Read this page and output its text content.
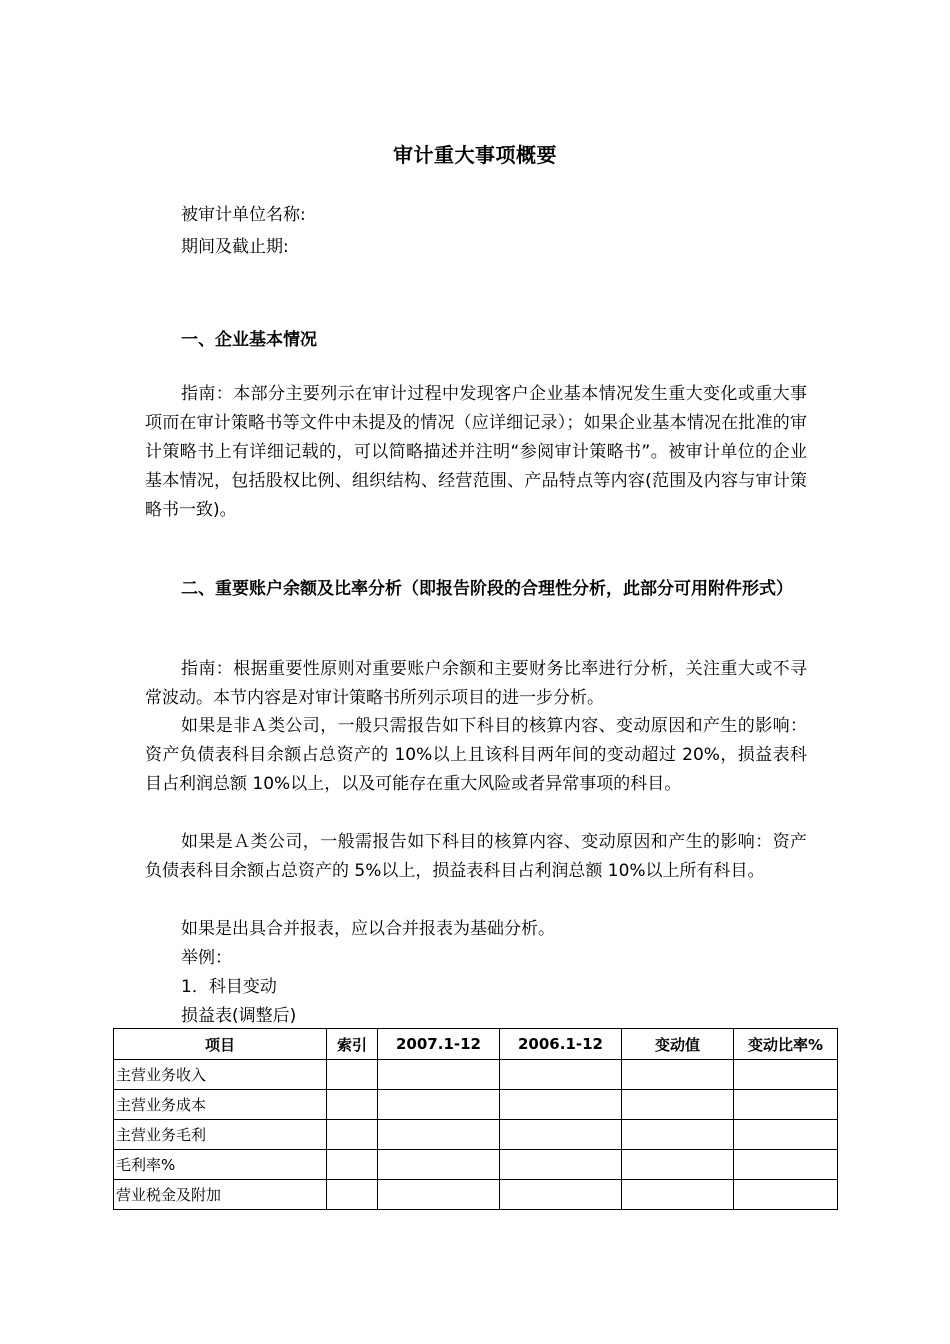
审计重大事项概要
被审计单位名称:
期间及截止期:
一、企业基本情况

指南：本部分主要列示在审计过程中发现客户企业基本情况发生重大变化或重大事项而在审计策略书等文件中未提及的情况（应详细记录）；如果企业基本情况在批准的审计策略书上有详细记载的，可以简略描述并注明“参阅审计策略书”。被审计单位的企业基本情况，包括股权比例、组织结构、经营范围、产品特点等内容(范围及内容与审计策略书一致)。

二、重要账户余额及比率分析（即报告阶段的合理性分析，此部分可用附件形式）

指南：根据重要性原则对重要账户余额和主要财务比率进行分析，关注重大或不寻常波动。本节内容是对审计策略书所列示项目的进一步分析。

如果是非Ａ类公司，一般只需报告如下科目的核算内容、变动原因和产生的影响：资产负债表科目余额占总资产的 10%以上且该科目两年间的变动超过 20%，损益表科目占利润总额 10%以上，以及可能存在重大风险或者异常事项的科目。

如果是Ａ类公司，一般需报告如下科目的核算内容、变动原因和产生的影响：资产负债表科目余额占总资产的 5%以上，损益表科目占利润总额 10%以上所有科目。

如果是出具合并报表，应以合并报表为基础分析。

举例：

1．科目变动

损益表(调整后)

项目	索引	2007.1-12	2006.1-12	变动值	变动比率%
主营业务收入					
主营业务成本					
主营业务毛利					
毛利率%					
营业税金及附加					
